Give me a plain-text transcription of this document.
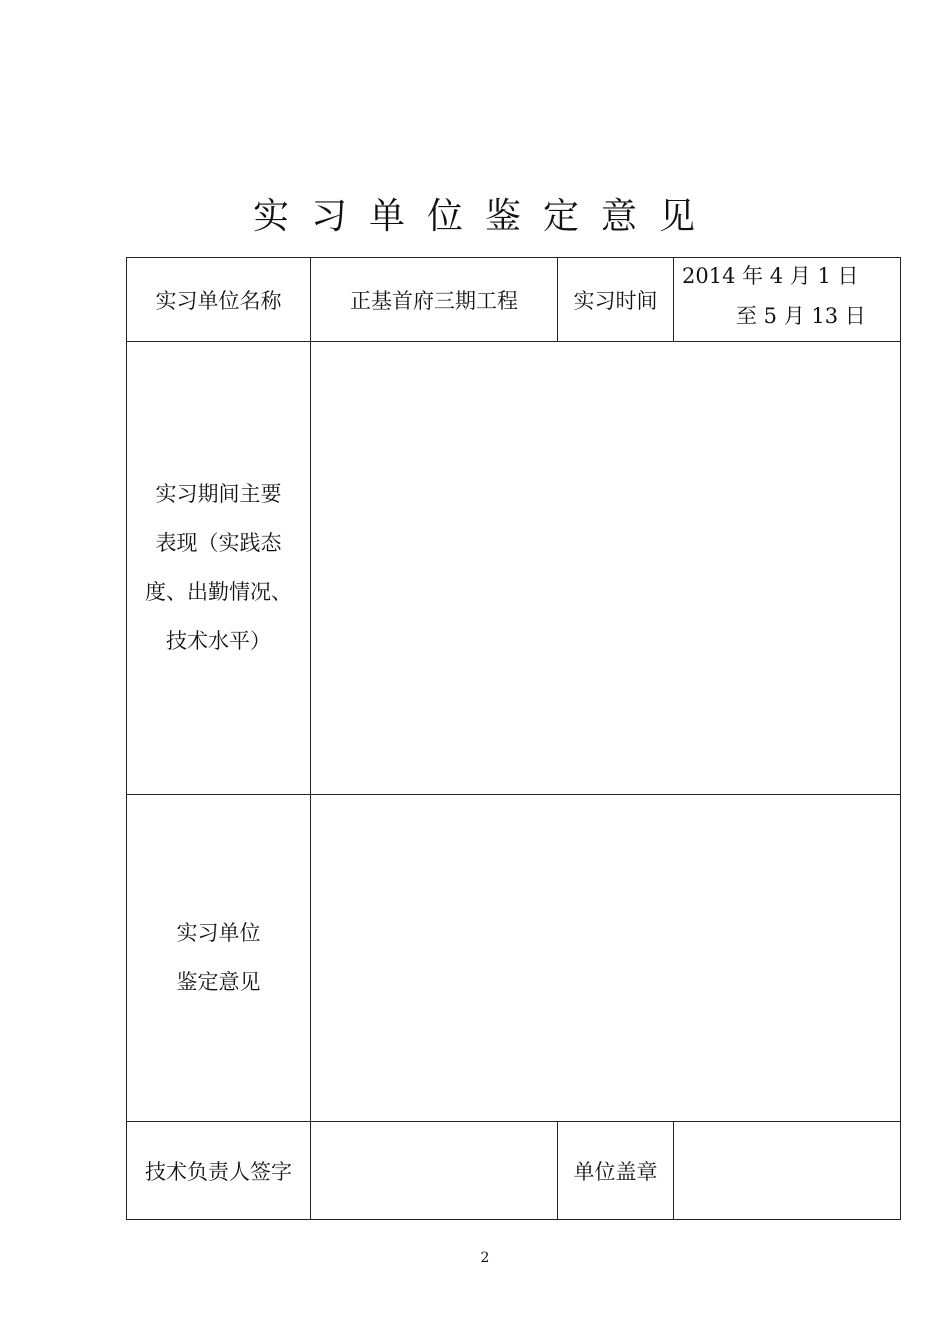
实习单位鉴定意见
实习单位名称	正基首府三期工程	实习时间	2014 年 4 月 1 日
至 5 月 13 日

实习期间主要
表现（实践态
度、出勤情况、
技术水平）			

实习单位
鉴定意见			

技术负责人签字		单位盖章	
2
